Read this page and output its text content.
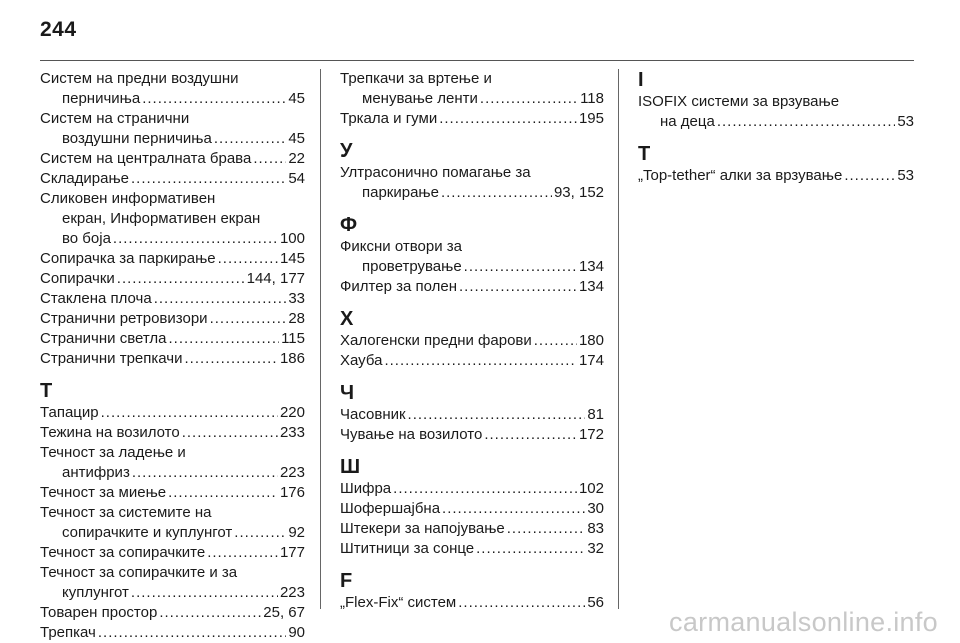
244
Систем на предни воздушни
перничиња .....	45
Систем на странични
воздушни перничиња .....	45
Систем на централната брава ..... 22
Складирање .....	54
Сликовен информативен
екран, Информативен екран
во боја .....	100
Сопирачка за паркирање .....	145
Сопирачки .....	144, 177
Стаклена плоча .....	33
Странични ретровизори .....	28
Странични светла .....	115
Странични трепкачи .....	186
Т
Тапацир .....	220
Тежина на возилото .....	233
Течност за ладење и
антифриз .....	223
Течност за миење .....	176
Течност за системите на
сопирачките и куплунгот .....	92
Течност за сопирачките .....	177
Течност за сопирачките и за
куплунгот .....	223
Товарен простор .....	25, 67
Трепкач .....	90
Трепкачи за вртење и
менување ленти .....	118
Тркала и гуми .....	195
У
Ултрасонично помагање за
паркирање .....	93, 152
Ф
Фиксни отвори за
проветрување .....	134
Филтер за полен .....	134
Х
Халогенски предни фарови .....	180
Хауба .....	174
Ч
Часовник .....	81
Чување на возилото .....	172
Ш
Шифра .....	102
Шофершајбна .....	30
Штекери за напојување .....	83
Штитници за сонце .....	32
F
„Flex-Fix“ систем .....	56
I
ISOFIX системи за врзување
на деца .....	53
T
„Top-tether“ алки за врзување .....	53
carmanualsonline.info
